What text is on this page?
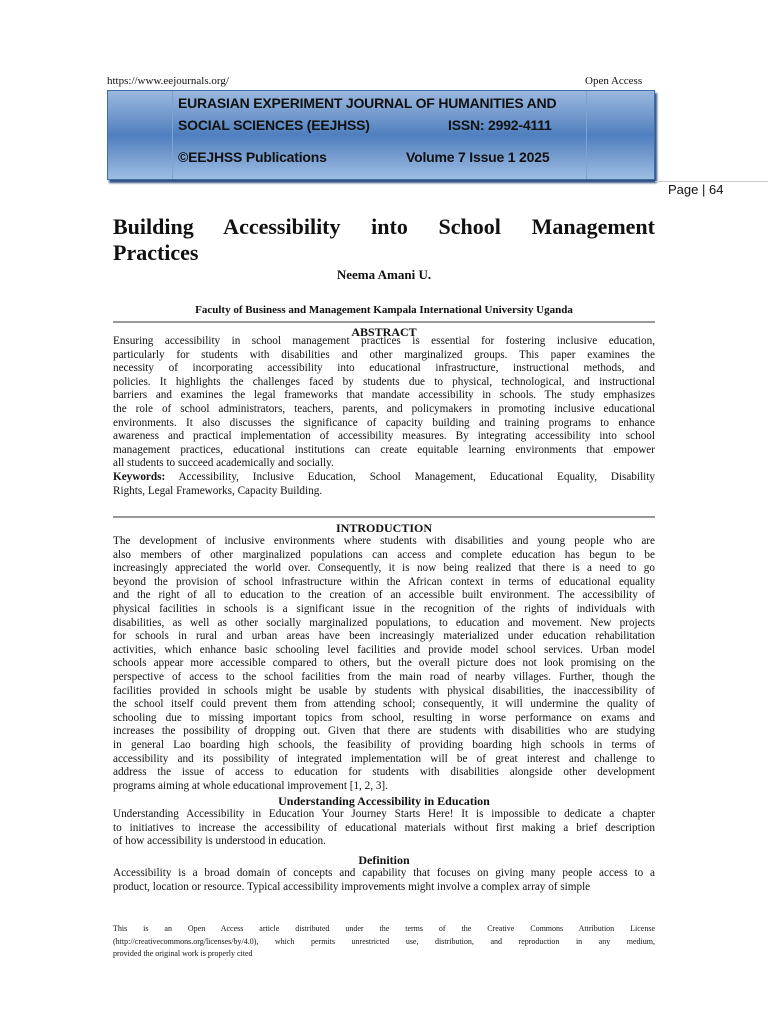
https://www.eejournals.org/	Open Access
EURASIAN EXPERIMENT JOURNAL OF HUMANITIES AND
SOCIAL SCIENCES (EEJHSS)	ISSN: 2992-4111
©EEJHSS Publications	Volume 7 Issue 1 2025
Page | 64
Building Accessibility into School Management
Practices
Neema Amani U.
Faculty of Business and Management Kampala International University Uganda
ABSTRACT
Ensuring accessibility in school management practices is essential for fostering inclusive education,
particularly for students with disabilities and other marginalized groups. This paper examines the
necessity of incorporating accessibility into educational infrastructure, instructional methods, and
policies. It highlights the challenges faced by students due to physical, technological, and instructional
barriers and examines the legal frameworks that mandate accessibility in schools. The study emphasizes
the role of school administrators, teachers, parents, and policymakers in promoting inclusive educational
environments. It also discusses the significance of capacity building and training programs to enhance
awareness and practical implementation of accessibility measures. By integrating accessibility into school
management practices, educational institutions can create equitable learning environments that empower
all students to succeed academically and socially.
Keywords: Accessibility, Inclusive Education, School Management, Educational Equality, Disability
Rights, Legal Frameworks, Capacity Building.
INTRODUCTION
The development of inclusive environments where students with disabilities and young people who are
also members of other marginalized populations can access and complete education has begun to be
increasingly appreciated the world over. Consequently, it is now being realized that there is a need to go
beyond the provision of school infrastructure within the African context in terms of educational equality
and the right of all to education to the creation of an accessible built environment. The accessibility of
physical facilities in schools is a significant issue in the recognition of the rights of individuals with
disabilities, as well as other socially marginalized populations, to education and movement. New projects
for schools in rural and urban areas have been increasingly materialized under education rehabilitation
activities, which enhance basic schooling level facilities and provide model school services. Urban model
schools appear more accessible compared to others, but the overall picture does not look promising on the
perspective of access to the school facilities from the main road of nearby villages. Further, though the
facilities provided in schools might be usable by students with physical disabilities, the inaccessibility of
the school itself could prevent them from attending school; consequently, it will undermine the quality of
schooling due to missing important topics from school, resulting in worse performance on exams and
increases the possibility of dropping out. Given that there are students with disabilities who are studying
in general Lao boarding high schools, the feasibility of providing boarding high schools in terms of
accessibility and its possibility of integrated implementation will be of great interest and challenge to
address the issue of access to education for students with disabilities alongside other development
programs aiming at whole educational improvement [1, 2, 3].
Understanding Accessibility in Education
Understanding Accessibility in Education Your Journey Starts Here! It is impossible to dedicate a chapter
to initiatives to increase the accessibility of educational materials without first making a brief description
of how accessibility is understood in education.
Definition
Accessibility is a broad domain of concepts and capability that focuses on giving many people access to a
product, location or resource. Typical accessibility improvements might involve a complex array of simple
This is an Open Access article distributed under the terms of the Creative Commons Attribution License
(http://creativecommons.org/licenses/by/4.0), which permits unrestricted use, distribution, and reproduction in any medium,
provided the original work is properly cited
